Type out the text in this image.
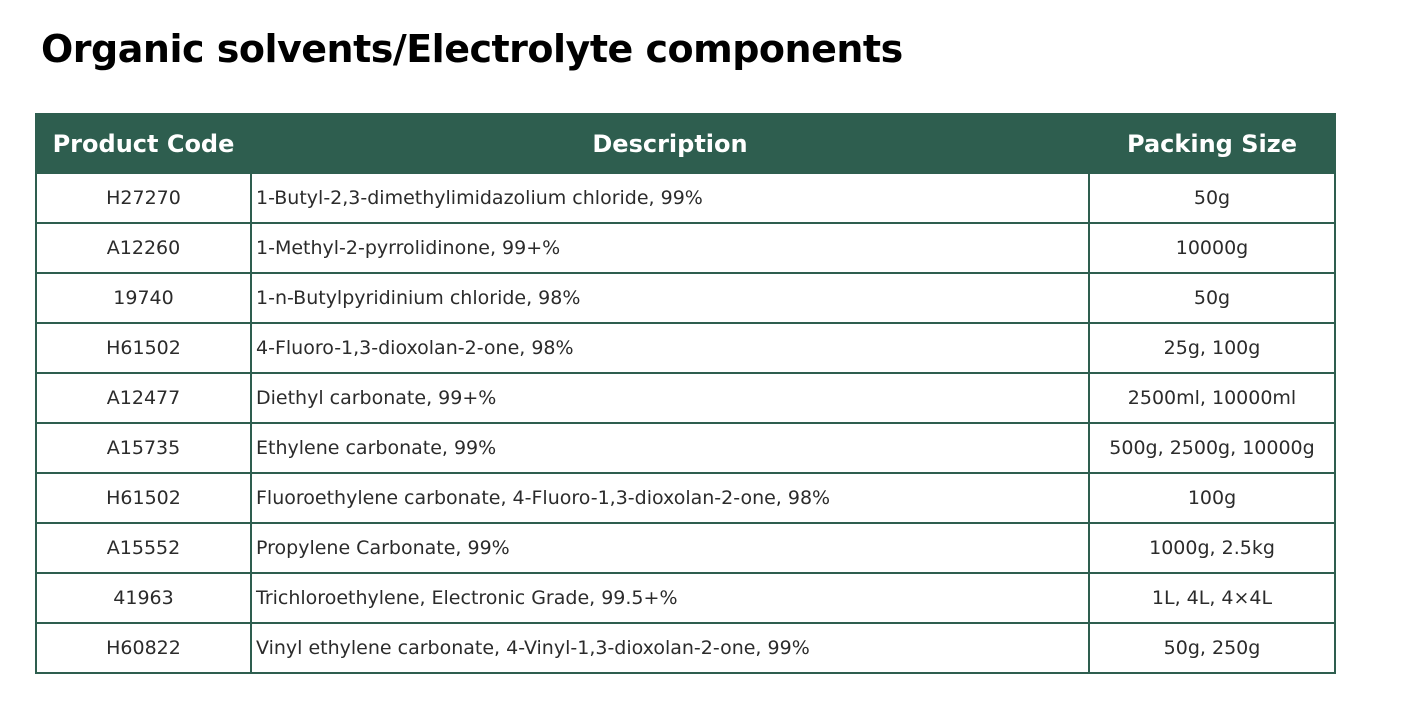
Organic solvents/Electrolyte components
Product Code	Description	Packing Size
H27270	1-Butyl-2,3-dimethylimidazolium chloride, 99%	50g
A12260	1-Methyl-2-pyrrolidinone, 99+%	10000g
19740	1-n-Butylpyridinium chloride, 98%	50g
H61502	4-Fluoro-1,3-dioxolan-2-one, 98%	25g, 100g
A12477	Diethyl carbonate, 99+%	2500ml, 10000ml
A15735	Ethylene carbonate, 99%	500g, 2500g, 10000g
H61502	Fluoroethylene carbonate, 4-Fluoro-1,3-dioxolan-2-one, 98%	100g
A15552	Propylene Carbonate, 99%	1000g, 2.5kg
41963	Trichloroethylene, Electronic Grade, 99.5+%	1L, 4L, 4×4L
H60822	Vinyl ethylene carbonate, 4-Vinyl-1,3-dioxolan-2-one, 99%	50g, 250g
